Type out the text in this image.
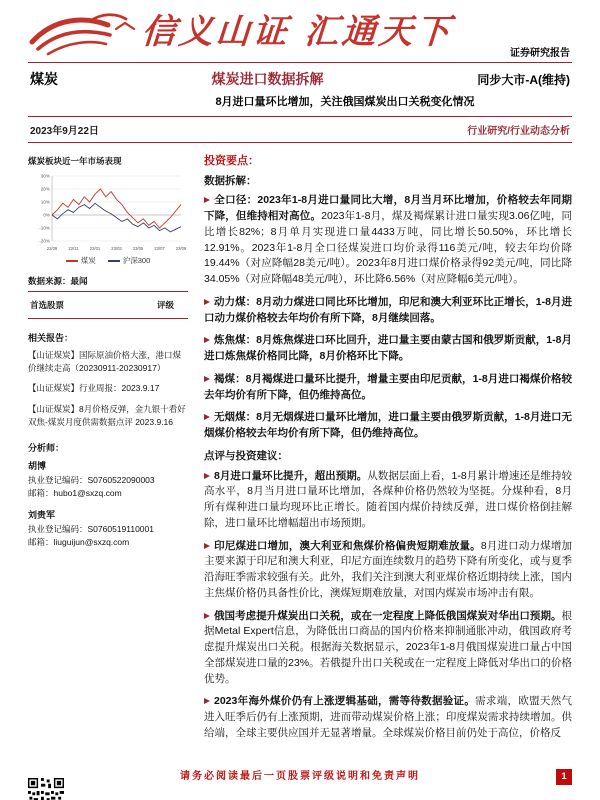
信义山证 汇通天下
证券研究报告
煤炭	煤炭进口数据拆解	同步大市-A(维持)
8月进口量环比增加，关注俄国煤炭出口关税变化情况
2023年9月22日	行业研究/行业动态分析
煤炭板块近一年市场表现
30%
20%
10%
0%
-10%
-20%
22/09	22/11	23/01	23/03	23/05	23/07	23/09
煤炭	沪深300
数据来源：最闻
首选股票	评级
相关报告：
【山证煤炭】国际原油价格大涨，港口煤价继续走高（20230911-20230917）
【山证煤炭】行业周报：2023.9.17
【山证煤炭】8月价格反弹，金九银十看好双焦-煤炭月度供需数据点评 2023.9.16
分析师：
胡博
执业登记编码：S0760522090003
邮箱：hubo1@sxzq.com
刘贵军
执业登记编码：S0760519110001
邮箱：liuguijun@sxzq.com
投资要点：
数据拆解：

全口径：2023年1-8月进口量同比大增，8月当月环比增加，价格较去年同期下降，但维持相对高位。2023年1-8月，煤及褐煤累计进口量实现3.06亿吨，同比增长82%；8月单月实现进口量4433万吨，同比增长50.50%，环比增长12.91%。2023年1-8月全口径煤炭进口均价录得116美元/吨，较去年均价降19.44%（对应降幅28美元/吨）。2023年8月进口煤价格录得92美元/吨，同比降34.05%（对应降幅48美元/吨），环比降6.56%（对应降幅6美元/吨）。

动力煤：8月动力煤进口同比环比增加，印尼和澳大利亚环比正增长，1-8月进口动力煤价格较去年均价有所下降，8月继续回落。

炼焦煤：8月炼焦煤进口环比回升，进口量主要由蒙古国和俄罗斯贡献，1-8月进口炼焦煤价格同比降，8月价格环比下降。

褐煤：8月褐煤进口量环比提升，增量主要由印尼贡献，1-8月进口褐煤价格较去年均价有所下降，但仍维持高位。

无烟煤：8月无烟煤进口量环比增加，进口量主要由俄罗斯贡献，1-8月进口无烟煤价格较去年均价有所下降，但仍维持高位。

点评与投资建议：

8月进口量环比提升，超出预期。从数据层面上看，1-8月累计增速还是维持较高水平，8月当月进口量环比增加，各煤种价格仍然较为坚挺。分煤种看，8月所有煤种进口量均现环比正增长。随着国内煤价持续反弹，进口煤价格倒挂解除，进口量环比增幅超出市场预期。

印尼煤进口增加，澳大利亚和焦煤价格偏贵短期难放量。8月进口动力煤增加主要来源于印尼和澳大利亚，印尼方面连续数月的趋势下降有所变化，或与夏季沿海旺季需求较强有关。此外，我们关注到澳大利亚煤价格近期持续上涨，国内主焦煤价格仍具备性价比，澳煤短期难放量，对国内煤炭市场冲击有限。

俄国考虑提升煤炭出口关税，或在一定程度上降低俄国煤炭对华出口预期。根据Metal Expert信息，为降低出口商品的国内价格来抑制通胀冲动，俄国政府考虑提升煤炭出口关税。根据海关数据显示，2023年1-8月俄国煤炭进口量占中国全部煤炭进口量的23%。若俄提升出口关税或在一定程度上降低对华出口的价格优势。

2023年海外煤价仍有上涨逻辑基础，需等待数据验证。需求端，欧盟天然气进入旺季后仍有上涨预期，进而带动煤炭价格上涨；印度煤炭需求持续增加。供给端，全球主要供应国并无显著增量。全球煤炭价格目前仍处于高位，价格反

请务必阅读最后一页股票评级说明和免责声明	1
